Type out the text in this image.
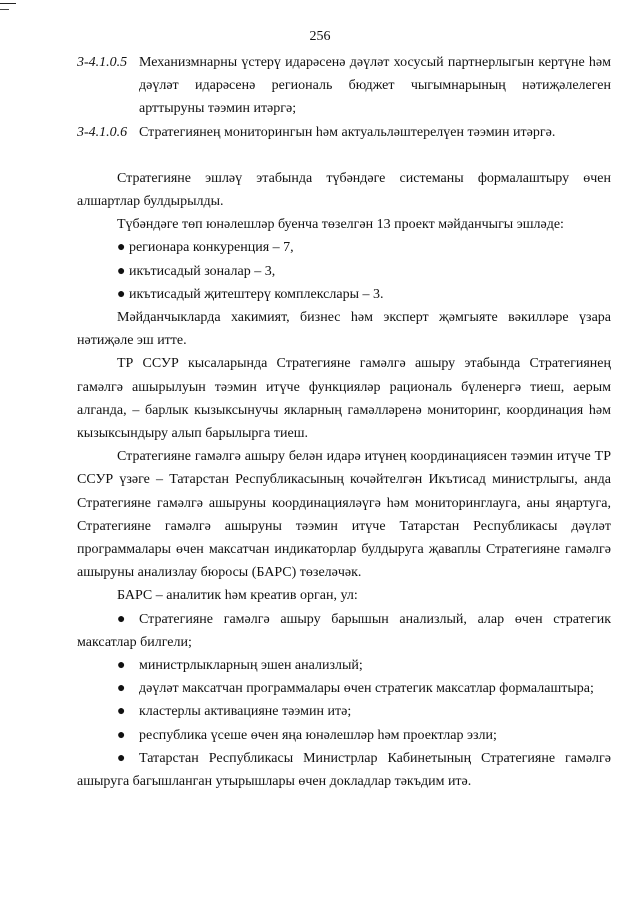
256
3-4.1.0.5 Механизмнарны үстерү идарәсенә дәүләт хосусый партнерлыгын кертүне һәм дәүләт идарәсенә региональ бюджет чыгымнарының нәтиҗәлелеген арттыруны тәэмин итәргә;
3-4.1.0.6 Стратегиянең мониторингын һәм актуальләштерелүен тәэмин итәргә.

Стратегияне эшләү этабында түбәндәге системаны формалаштыру өчен алшартлар булдырылды.

Түбәндәге төп юнәлешләр буенча төзелгән 13 проект мәйданчыгы эшләде:

● регионара конкуренция – 7,

● икътисадый зоналар – 3,

● икътисадый җитештерү комплекслары – 3.

Мәйданчыкларда хакимият, бизнес һәм эксперт җәмгыяте вәкилләре үзара нәтиҗәле эш итте.

ТР ССУР кысаларында Стратегияне гамәлгә ашыру этабында Стратегиянең гамәлгә ашырылуын тәэмин итүче функцияләр рациональ бүленергә тиеш, аерым алганда, – барлык кызыксынучы якларның гамәлләренә мониторинг, координация һәм кызыксындыру алып барылырга тиеш.

Стратегияне гамәлгә ашыру белән идарә итүнең координациясен тәэмин итүче ТР ССУР үзәге – Татарстан Республикасының кочәйтелгән Икътисад министрлыгы, анда Стратегияне гамәлгә ашыруны координацияләүгә һәм мониторинглауга, аны яңартуга, Стратегияне гамәлгә ашыруны тәэмин итүче Татарстан Республикасы дәүләт программалары өчен максатчан индикаторлар булдыруга җаваплы Стратегияне гамәлгә ашыруны анализлау бюросы (БАРС) төзеләчәк.

БАРС – аналитик һәм креатив орган, ул:

● Стратегияне гамәлгә ашыру барышын анализлый, алар өчен стратегик максатлар билгели;

● министрлыкларның эшен анализлый;

● дәүләт максатчан программалары өчен стратегик максатлар формалаштыра;

● кластерлы активацияне тәэмин итә;

● республика үсеше өчен яңа юнәлешләр һәм проектлар эзли;

● Татарстан Республикасы Министрлар Кабинетының Стратегияне гамәлгә ашыруга багышланган утырышлары өчен докладлар тәкъдим итә.
